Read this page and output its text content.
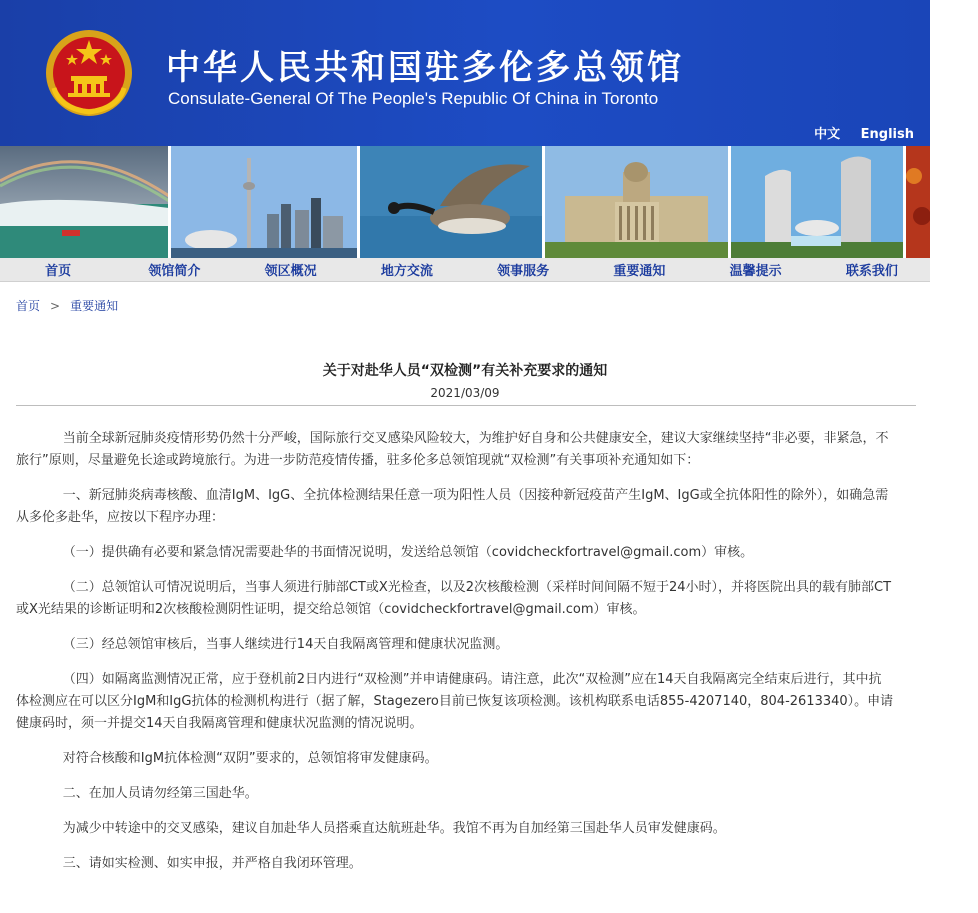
中华人民共和国驻多伦多总领馆
Consulate-General Of The People's Republic Of China in Toronto
中文 English
首页	领馆简介	领区概况	地方交流	领事服务	重要通知	温馨提示	联系我们
首页 > 重要通知
关于对赴华人员“双检测”有关补充要求的通知
2021/03/09

当前全球新冠肺炎疫情形势仍然十分严峻，国际旅行交叉感染风险较大，为维护好自身和公共健康安全，建议大家继续坚持“非必要，非紧急，不旅行”原则，尽量避免长途或跨境旅行。为进一步防范疫情传播，驻多伦多总领馆现就“双检测”有关事项补充通知如下：

一、新冠肺炎病毒核酸、血清IgM、IgG、全抗体检测结果任意一项为阳性人员（因接种新冠疫苗产生IgM、IgG或全抗体阳性的除外），如确急需从多伦多赴华，应按以下程序办理：

（一）提供确有必要和紧急情况需要赴华的书面情况说明，发送给总领馆（covidcheckfortravel@gmail.com）审核。

（二）总领馆认可情况说明后，当事人须进行肺部CT或X光检查，以及2次核酸检测（采样时间间隔不短于24小时），并将医院出具的载有肺部CT或X光结果的诊断证明和2次核酸检测阴性证明，提交给总领馆（covidcheckfortravel@gmail.com）审核。

（三）经总领馆审核后，当事人继续进行14天自我隔离管理和健康状况监测。

（四）如隔离监测情况正常，应于登机前2日内进行“双检测”并申请健康码。请注意，此次“双检测”应在14天自我隔离完全结束后进行，其中抗体检测应在可以区分IgM和IgG抗体的检测机构进行（据了解，Stagezero目前已恢复该项检测。该机构联系电话855-4207140，804-2613340）。申请健康码时，须一并提交14天自我隔离管理和健康状况监测的情况说明。

对符合核酸和IgM抗体检测“双阴”要求的，总领馆将审发健康码。

二、在加人员请勿经第三国赴华。

为减少中转途中的交叉感染，建议自加赴华人员搭乘直达航班赴华。我馆不再为自加经第三国赴华人员审发健康码。

三、请如实检测、如实申报，并严格自我闭环管理。
